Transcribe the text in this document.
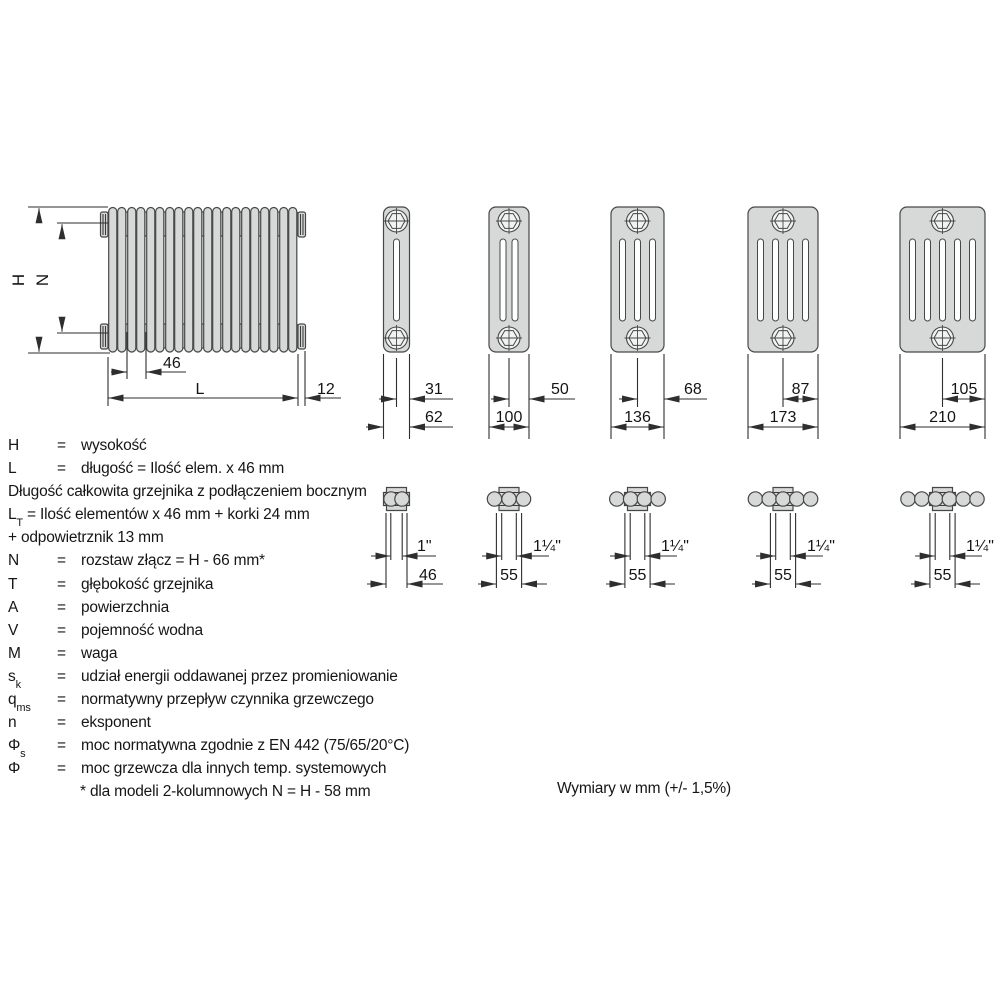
H N
46
L	12	31
62
50
100
68
136
87
173
105
210
1"
46
1¼"
55
1¼"
55
1¼"
55
1¼"
55
H = wysokość
L	= długość = Ilość elem. x 46 mm
Długość całkowita grzejnika z podłączeniem bocznym
$L_T$ = Ilość elementów x 46 mm + korki 24 mm
+ odpowietrznik 13 mm
N = rozstaw złącz = H - 66 mm*
T	= głębokość grzejnika
A	= powierzchnia
V	= pojemność wodna
M = waga
$s_k=$ udział energii oddawanej przez promieniowanie
$q_{ms}=$ normatywny przepływ czynnika grzewczego
n	= eksponent
$\Phi_s=$ moc normatywna zgodnie z EN 442 (75/65/20°C)
Φ = moc grzewcza dla innych temp. systemowych
* dla modeli 2-kolumnowych N = H - 58 mm	Wymiary w mm (+/- 1,5%)
